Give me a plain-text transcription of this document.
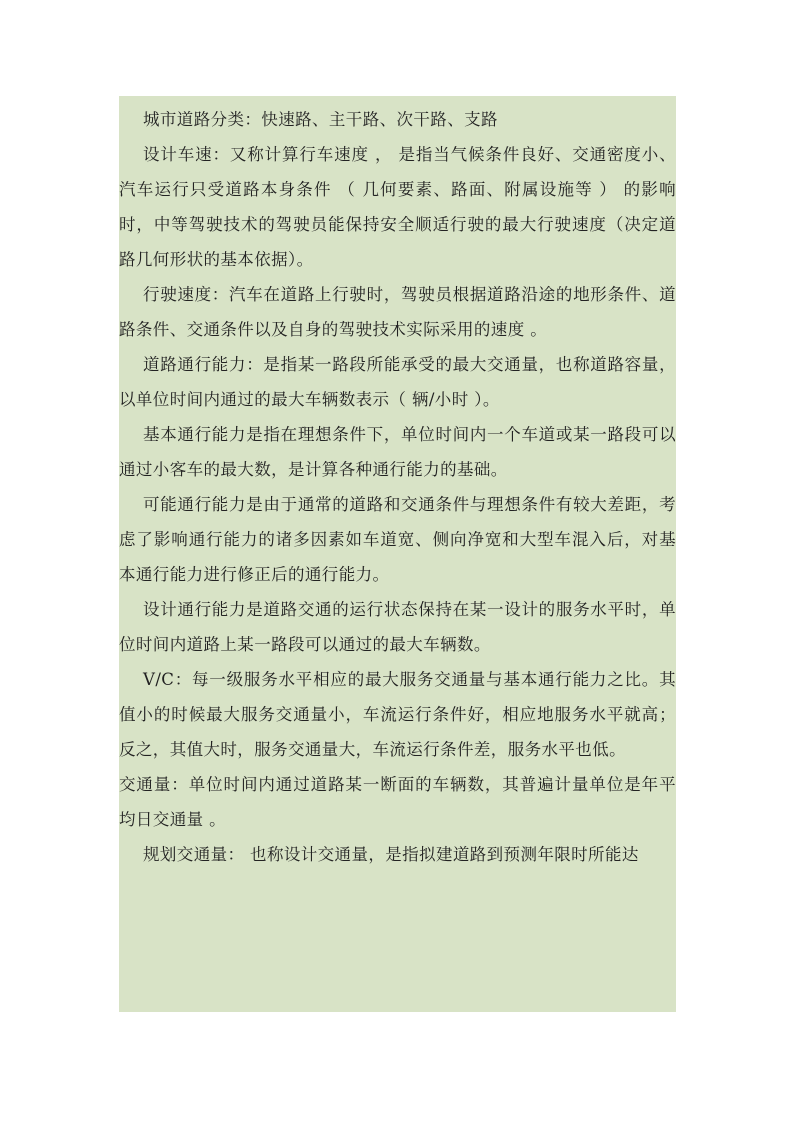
城市道路分类：快速路、主干路、次干路、支路

设计车速：又称计算行车速度 ， 是指当气候条件良好、交通密度小、汽车运行只受道路本身条件 （ 几何要素、路面、附属设施等 ） 的影响时，中等驾驶技术的驾驶员能保持安全顺适行驶的最大行驶速度（决定道路几何形状的基本依据）。

行驶速度：汽车在道路上行驶时，驾驶员根据道路沿途的地形条件、道路条件、交通条件以及自身的驾驶技术实际采用的速度 。

道路通行能力：是指某一路段所能承受的最大交通量，也称道路容量，以单位时间内通过的最大车辆数表示（ 辆/小时 ）。

基本通行能力是指在理想条件下，单位时间内一个车道或某一路段可以通过小客车的最大数，是计算各种通行能力的基础。

可能通行能力是由于通常的道路和交通条件与理想条件有较大差距，考虑了影响通行能力的诸多因素如车道宽、侧向净宽和大型车混入后，对基本通行能力进行修正后的通行能力。

设计通行能力是道路交通的运行状态保持在某一设计的服务水平时，单位时间内道路上某一路段可以通过的最大车辆数。

V/C：每一级服务水平相应的最大服务交通量与基本通行能力之比。其值小的时候最大服务交通量小，车流运行条件好，相应地服务水平就高；反之，其值大时，服务交通量大，车流运行条件差，服务水平也低。

交通量：单位时间内通过道路某一断面的车辆数，其普遍计量单位是年平均日交通量 。

规划交通量： 也称设计交通量，是指拟建道路到预测年限时所能达
